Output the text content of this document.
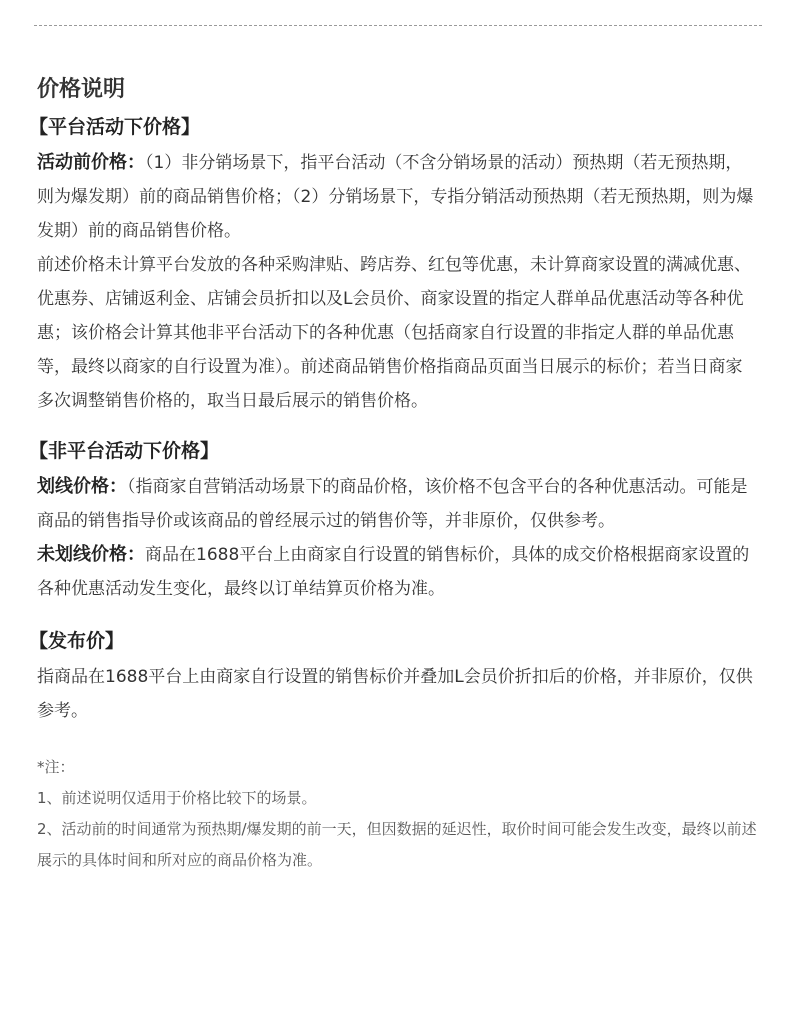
价格说明
【平台活动下价格】

活动前价格：（1）非分销场景下，指平台活动（不含分销场景的活动）预热期（若无预热期，则为爆发期）前的商品销售价格；（2）分销场景下，专指分销活动预热期（若无预热期，则为爆发期）前的商品销售价格。

前述价格未计算平台发放的各种采购津贴、跨店券、红包等优惠，未计算商家设置的满减优惠、优惠券、店铺返利金、店铺会员折扣以及L会员价、商家设置的指定人群单品优惠活动等各种优惠；该价格会计算其他非平台活动下的各种优惠（包括商家自行设置的非指定人群的单品优惠等，最终以商家的自行设置为准）。前述商品销售价格指商品页面当日展示的标价；若当日商家多次调整销售价格的，取当日最后展示的销售价格。

【非平台活动下价格】

划线价格：（指商家自营销活动场景下的商品价格，该价格不包含平台的各种优惠活动。可能是商品的销售指导价或该商品的曾经展示过的销售价等，并非原价，仅供参考。

未划线价格：商品在1688平台上由商家自行设置的销售标价，具体的成交价格根据商家设置的各种优惠活动发生变化，最终以订单结算页价格为准。

【发布价】

指商品在1688平台上由商家自行设置的销售标价并叠加L会员价折扣后的价格，并非原价，仅供参考。

*注：

1、前述说明仅适用于价格比较下的场景。

2、活动前的时间通常为预热期/爆发期的前一天，但因数据的延迟性，取价时间可能会发生改变，最终以前述展示的具体时间和所对应的商品价格为准。
